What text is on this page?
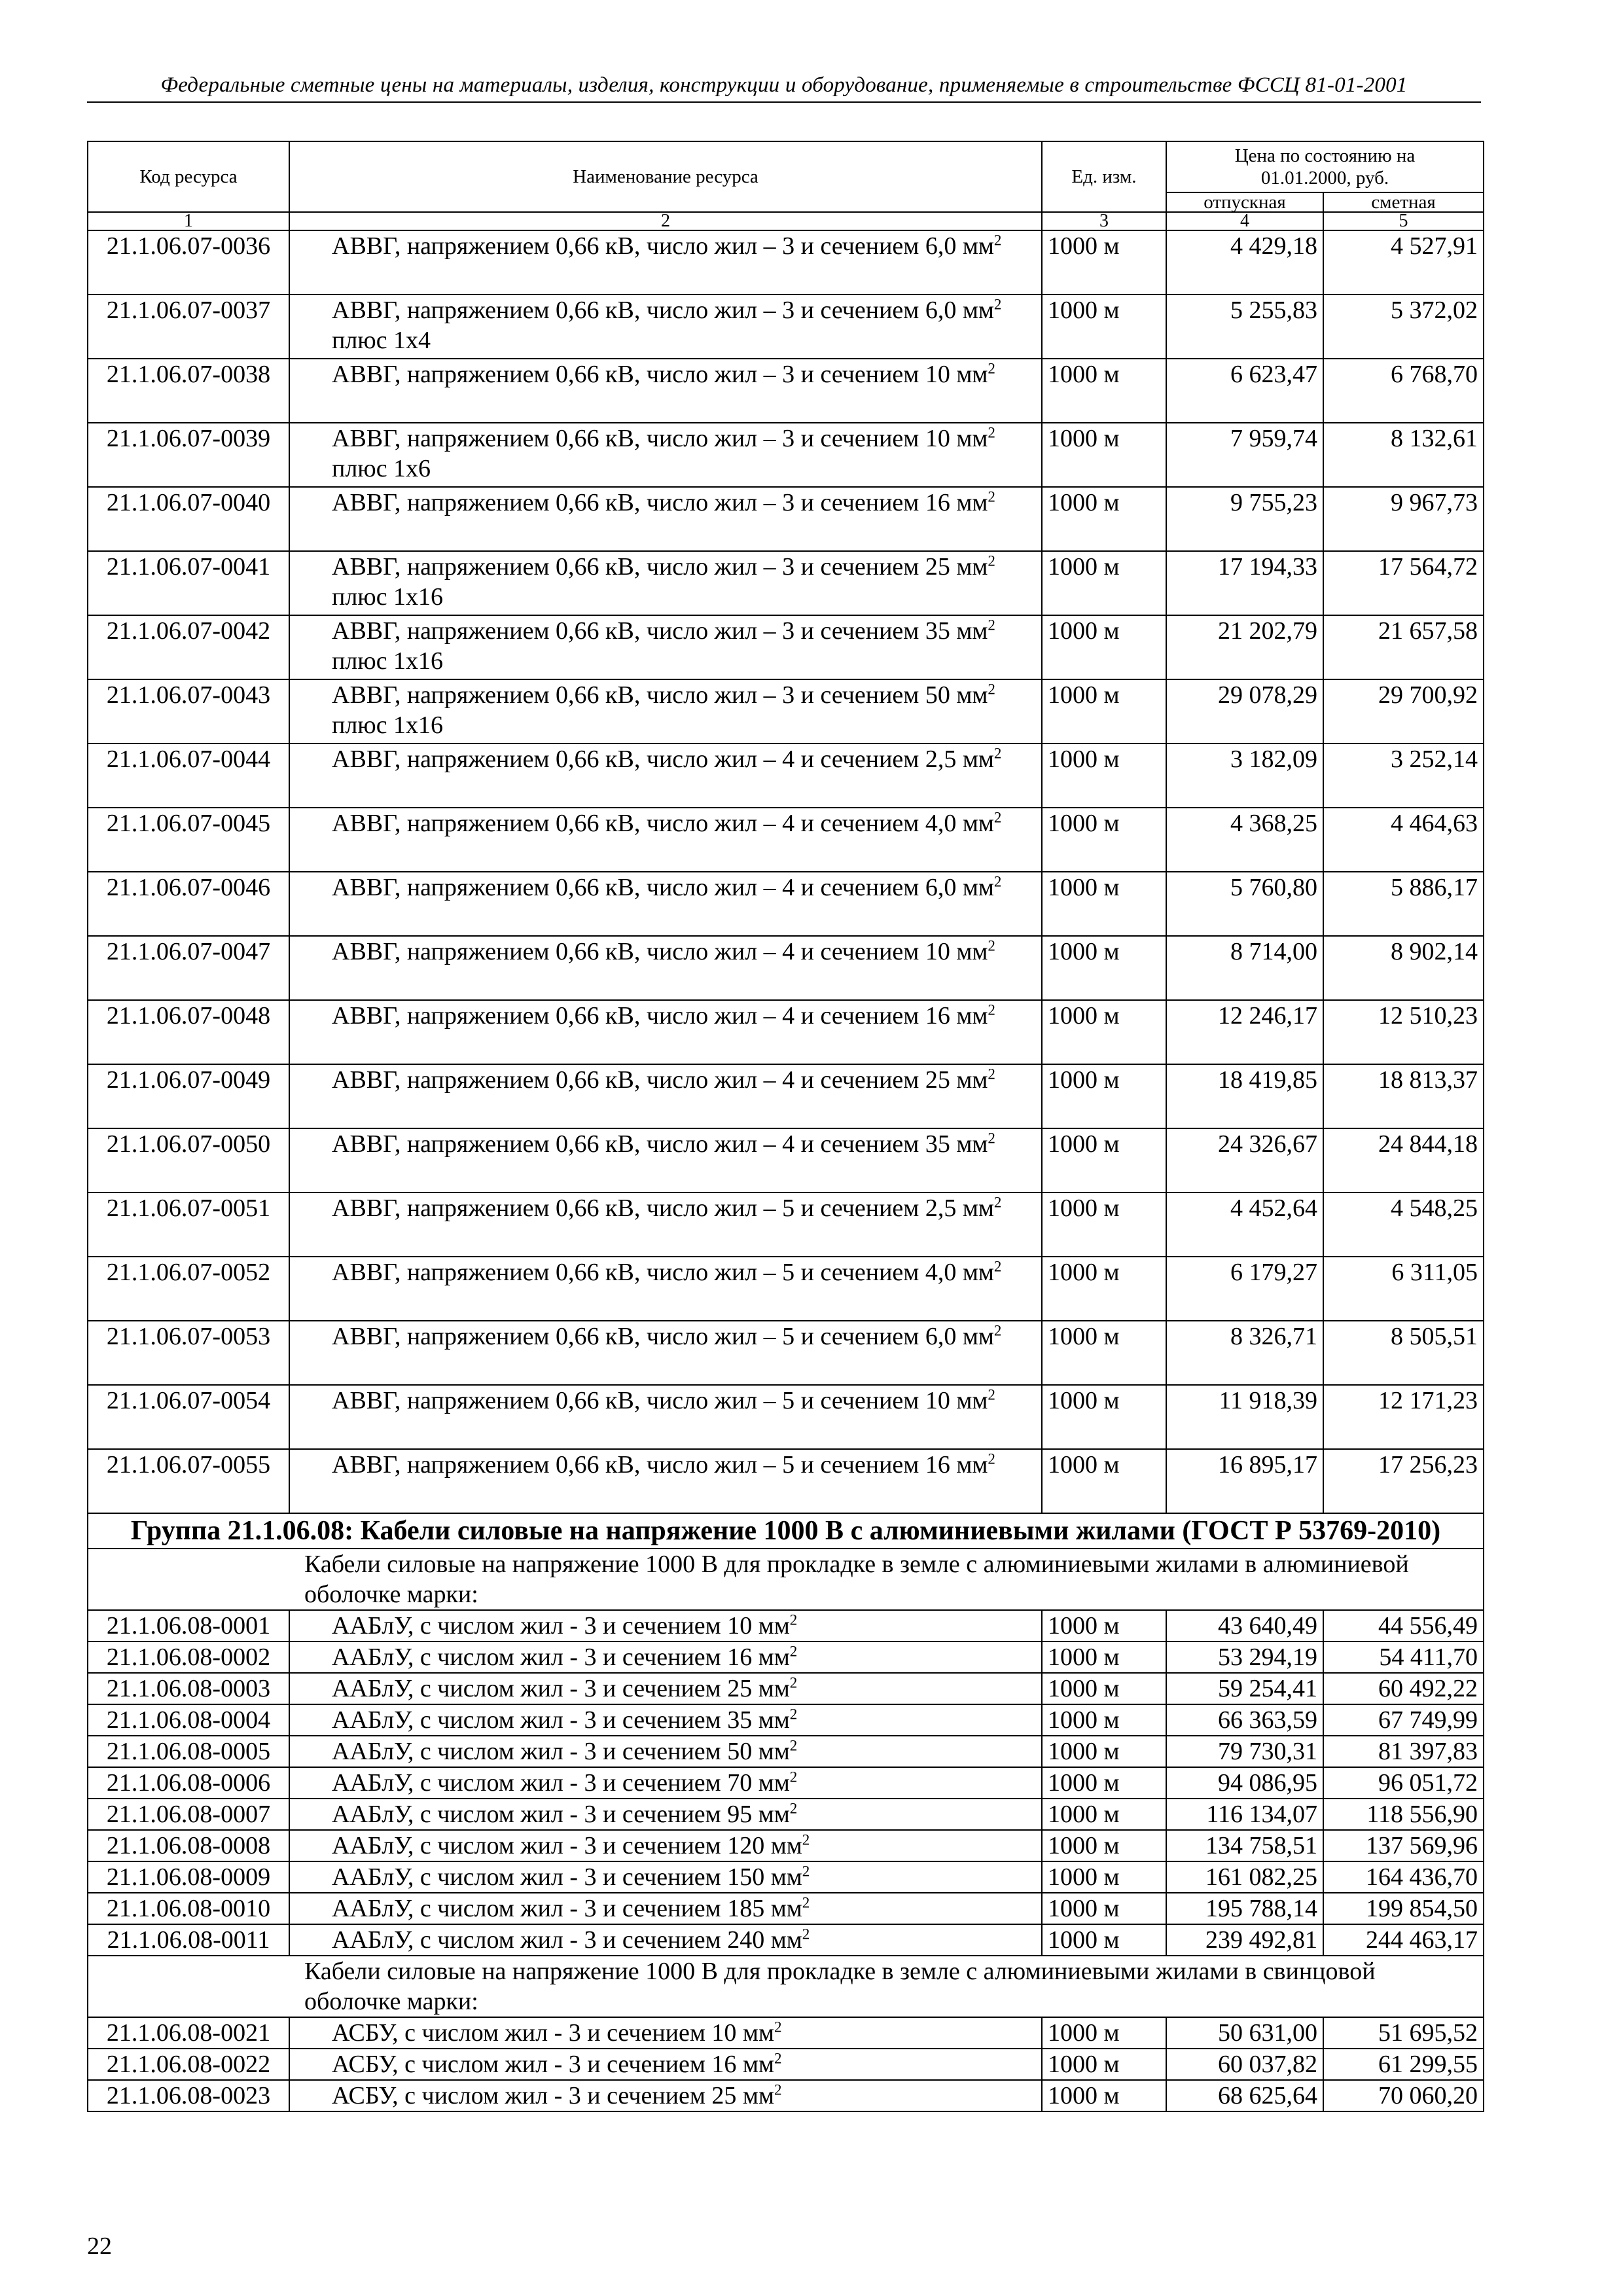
Федеральные сметные цены на материалы, изделия, конструкции и оборудование, применяемые в строительстве ФССЦ 81-01-2001
Код ресурса	Наименование ресурса	Ед. изм.	Цена по состоянию на 01.01.2000, руб.	
			отпускная	сметная
1	2	3	4	5
21.1.06.07-0036	АВВГ, напряжением 0,66 кВ, число жил – 3 и сечением 6,0 $мм^2$	1000 м	4 429,18	4 527,91
21.1.06.07-0037	АВВГ, напряжением 0,66 кВ, число жил – 3 и сечением 6,0 $мм^2$ плюс 1х4	1000 м	5 255,83	5 372,02
21.1.06.07-0038	АВВГ, напряжением 0,66 кВ, число жил – 3 и сечением 10 $мм^2$	1000 м	6 623,47	6 768,70
21.1.06.07-0039	АВВГ, напряжением 0,66 кВ, число жил – 3 и сечением 10 $мм^2$ плюс 1х6	1000 м	7 959,74	8 132,61
21.1.06.07-0040	АВВГ, напряжением 0,66 кВ, число жил – 3 и сечением 16 $мм^2$	1000 м	9 755,23	9 967,73
21.1.06.07-0041	АВВГ, напряжением 0,66 кВ, число жил – 3 и сечением 25 $мм^2$ плюс 1х16	1000 м	17 194,33	17 564,72
21.1.06.07-0042	АВВГ, напряжением 0,66 кВ, число жил – 3 и сечением 35 $мм^2$ плюс 1х16	1000 м	21 202,79	21 657,58
21.1.06.07-0043	АВВГ, напряжением 0,66 кВ, число жил – 3 и сечением 50 $мм^2$ плюс 1х16	1000 м	29 078,29	29 700,92
21.1.06.07-0044	АВВГ, напряжением 0,66 кВ, число жил – 4 и сечением 2,5 $мм^2$	1000 м	3 182,09	3 252,14
21.1.06.07-0045	АВВГ, напряжением 0,66 кВ, число жил – 4 и сечением 4,0 $мм^2$	1000 м	4 368,25	4 464,63
21.1.06.07-0046	АВВГ, напряжением 0,66 кВ, число жил – 4 и сечением 6,0 $мм^2$	1000 м	5 760,80	5 886,17
21.1.06.07-0047	АВВГ, напряжением 0,66 кВ, число жил – 4 и сечением 10 $мм^2$	1000 м	8 714,00	8 902,14
21.1.06.07-0048	АВВГ, напряжением 0,66 кВ, число жил – 4 и сечением 16 $мм^2$	1000 м	12 246,17	12 510,23
21.1.06.07-0049	АВВГ, напряжением 0,66 кВ, число жил – 4 и сечением 25 $мм^2$	1000 м	18 419,85	18 813,37
21.1.06.07-0050	АВВГ, напряжением 0,66 кВ, число жил – 4 и сечением 35 $мм^2$	1000 м	24 326,67	24 844,18
21.1.06.07-0051	АВВГ, напряжением 0,66 кВ, число жил – 5 и сечением 2,5 $мм^2$	1000 м	4 452,64	4 548,25
21.1.06.07-0052	АВВГ, напряжением 0,66 кВ, число жил – 5 и сечением 4,0 $мм^2$	1000 м	6 179,27	6 311,05
21.1.06.07-0053	АВВГ, напряжением 0,66 кВ, число жил – 5 и сечением 6,0 $мм^2$	1000 м	8 326,71	8 505,51
21.1.06.07-0054	АВВГ, напряжением 0,66 кВ, число жил – 5 и сечением 10 $мм^2$	1000 м	11 918,39	12 171,23
21.1.06.07-0055	АВВГ, напряжением 0,66 кВ, число жил – 5 и сечением 16 $мм^2$	1000 м	16 895,17	17 256,23
Группа 21.1.06.08: Кабели силовые на напряжение 1000 В с алюминиевыми жилами (ГОСТ Р 53769-2010)				
Кабели силовые на напряжение 1000 В для прокладке в земле с алюминиевыми жилами в алюминиевой оболочке марки:				
21.1.06.08-0001	ААБлУ, с числом жил - 3 и сечением 10 $мм^2$	1000 м	43 640,49	44 556,49
21.1.06.08-0002	ААБлУ, с числом жил - 3 и сечением 16 $мм^2$	1000 м	53 294,19	54 411,70
21.1.06.08-0003	ААБлУ, с числом жил - 3 и сечением 25 $мм^2$	1000 м	59 254,41	60 492,22
21.1.06.08-0004	ААБлУ, с числом жил - 3 и сечением 35 $мм^2$	1000 м	66 363,59	67 749,99
21.1.06.08-0005	ААБлУ, с числом жил - 3 и сечением 50 $мм^2$	1000 м	79 730,31	81 397,83
21.1.06.08-0006	ААБлУ, с числом жил - 3 и сечением 70 $мм^2$	1000 м	94 086,95	96 051,72
21.1.06.08-0007	ААБлУ, с числом жил - 3 и сечением 95 $мм^2$	1000 м	116 134,07	118 556,90
21.1.06.08-0008	ААБлУ, с числом жил - 3 и сечением 120 $мм^2$	1000 м	134 758,51	137 569,96
21.1.06.08-0009	ААБлУ, с числом жил - 3 и сечением 150 $мм^2$	1000 м	161 082,25	164 436,70
21.1.06.08-0010	ААБлУ, с числом жил - 3 и сечением 185 $мм^2$	1000 м	195 788,14	199 854,50
21.1.06.08-0011	ААБлУ, с числом жил - 3 и сечением 240 $мм^2$	1000 м	239 492,81	244 463,17
Кабели силовые на напряжение 1000 В для прокладке в земле с алюминиевыми жилами в свинцовой оболочке марки:				
21.1.06.08-0021	АСБУ, с числом жил - 3 и сечением 10 $мм^2$	1000 м	50 631,00	51 695,52
21.1.06.08-0022	АСБУ, с числом жил - 3 и сечением 16 $мм^2$	1000 м	60 037,82	61 299,55
21.1.06.08-0023	АСБУ, с числом жил - 3 и сечением 25 $мм^2$	1000 м	68 625,64	70 060,20
22
